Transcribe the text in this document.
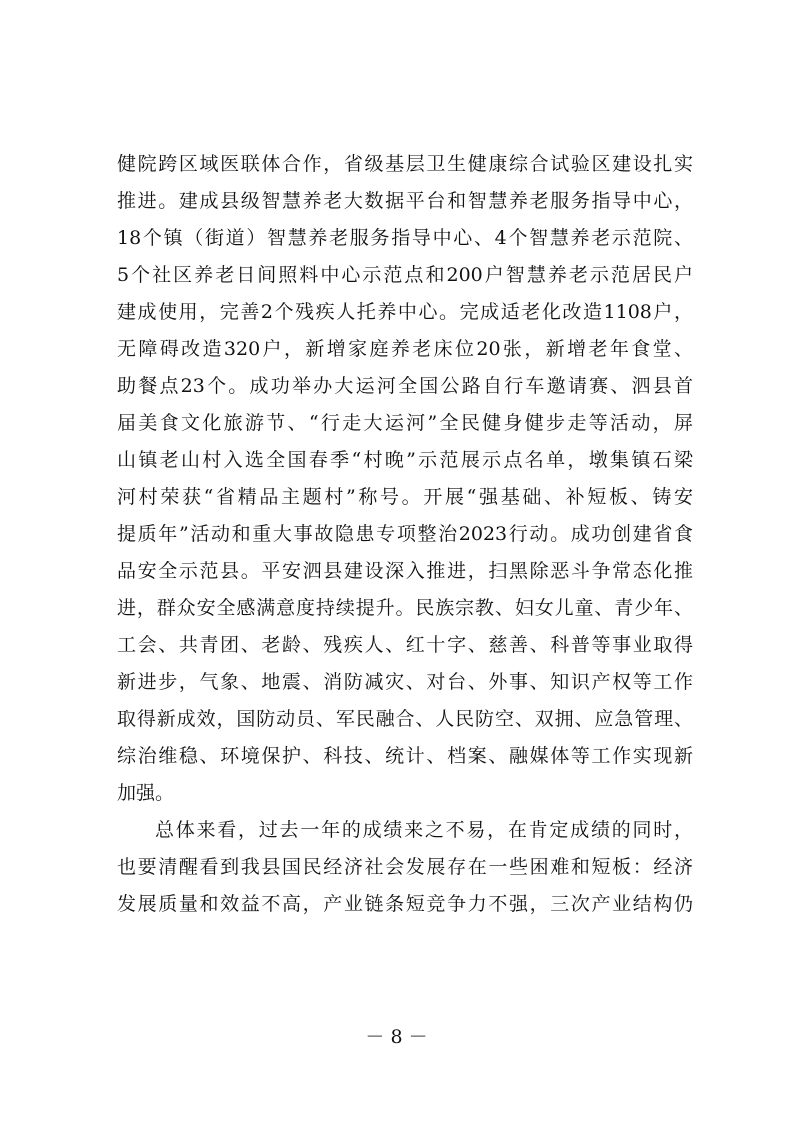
健院跨区域医联体合作，省级基层卫生健康综合试验区建设扎实
推进。建成县级智慧养老大数据平台和智慧养老服务指导中心，
18个镇（街道）智慧养老服务指导中心、4个智慧养老示范院、
5个社区养老日间照料中心示范点和200户智慧养老示范居民户
建成使用，完善2个残疾人托养中心。完成适老化改造1108户，
无障碍改造320户，新增家庭养老床位20张，新增老年食堂、
助餐点23个。成功举办大运河全国公路自行车邀请赛、泗县首
届美食文化旅游节、“行走大运河”全民健身健步走等活动，屏
山镇老山村入选全国春季“村晚”示范展示点名单，墩集镇石梁
河村荣获“省精品主题村”称号。开展“强基础、补短板、铸安
提质年”活动和重大事故隐患专项整治2023行动。成功创建省食
品安全示范县。平安泗县建设深入推进，扫黑除恶斗争常态化推
进，群众安全感满意度持续提升。民族宗教、妇女儿童、青少年、
工会、共青团、老龄、残疾人、红十字、慈善、科普等事业取得
新进步，气象、地震、消防减灾、对台、外事、知识产权等工作
取得新成效，国防动员、军民融合、人民防空、双拥、应急管理、
综治维稳、环境保护、科技、统计、档案、融媒体等工作实现新
加强。
总体来看，过去一年的成绩来之不易，在肯定成绩的同时，
也要清醒看到我县国民经济社会发展存在一些困难和短板：经济
发展质量和效益不高，产业链条短竞争力不强，三次产业结构仍
－ 8 －
